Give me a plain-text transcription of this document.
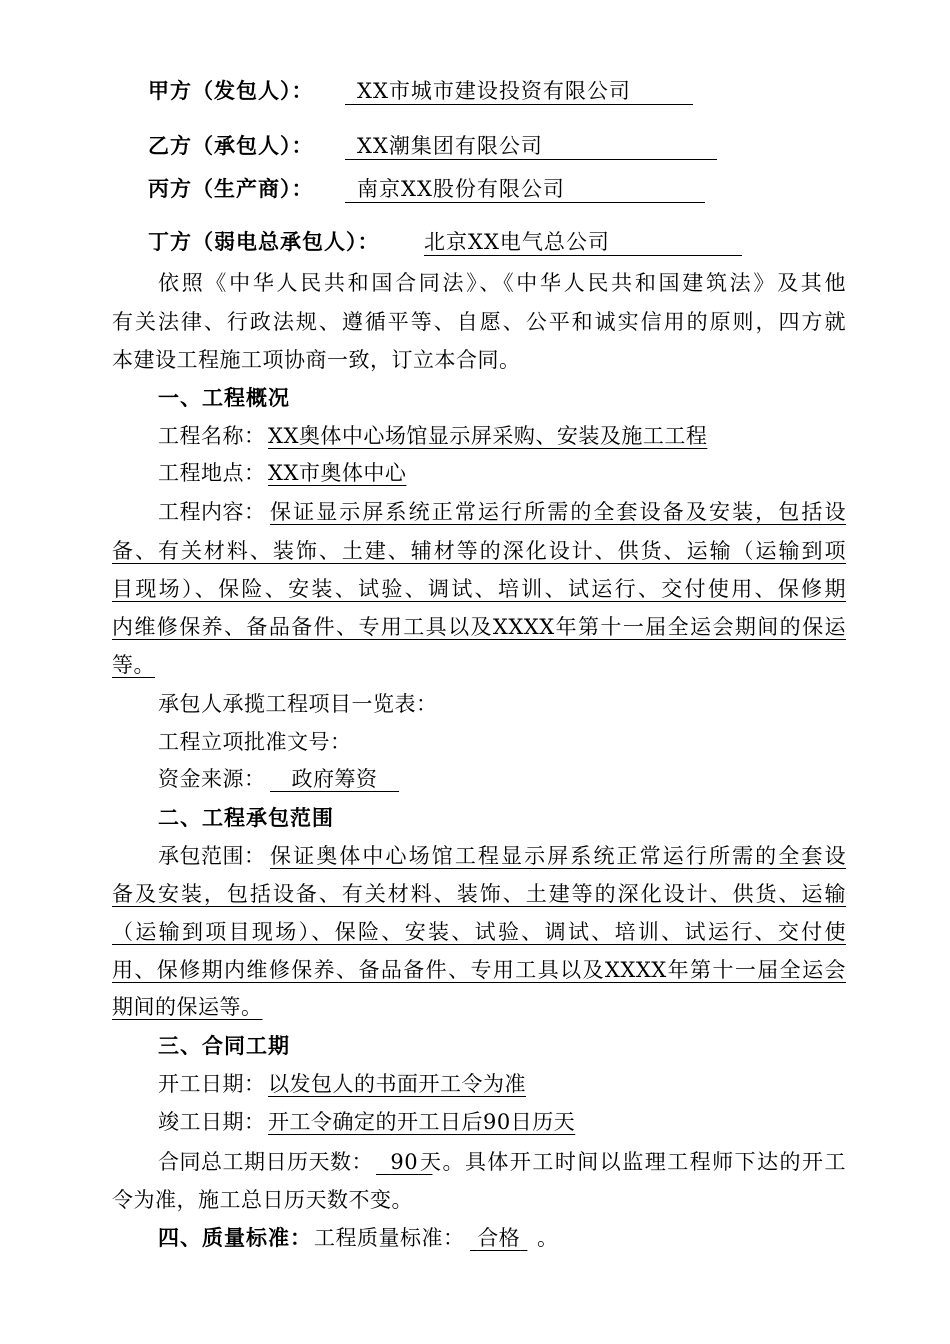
甲方（发包人）： XX市城市建设投资有限公司
乙方（承包人）： XX潮集团有限公司
丙方（生产商）： 南京XX股份有限公司
丁方（弱电总承包人）： 北京XX电气总公司
依照《中华人民共和国合同法》、《中华人民共和国建筑法》及其他
有关法律、行政法规、遵循平等、自愿、公平和诚实信用的原则，四方就
本建设工程施工项协商一致，订立本合同。
一、工程概况
工程名称： XX奥体中心场馆显示屏采购、安装及施工工程
工程地点： XX市奥体中心
工程内容： 保证显示屏系统正常运行所需的全套设备及安装，包括设
备、有关材料、装饰、土建、辅材等的深化设计、供货、运输（运输到项
目现场）、保险、安装、试验、调试、培训、试运行、交付使用、保修期
内维修保养、备品备件、专用工具以及XXXX年第十一届全运会期间的保运
等。
承包人承揽工程项目一览表：
工程立项批准文号：
资金来源：	政府筹资
二、工程承包范围
承包范围： 保证奥体中心场馆工程显示屏系统正常运行所需的全套设
备及安装，包括设备、有关材料、装饰、土建等的深化设计、供货、运输
（运输到项目现场）、保险、安装、试验、调试、培训、试运行、交付使
用、保修期内维修保养、备品备件、专用工具以及XXXX年第十一届全运会
期间的保运等。
三、合同工期
开工日期： 以发包人的书面开工令为准
竣工日期： 开工令确定的开工日后90日历天
合同总工期日历天数： 90 天。具体开工时间以监理工程师下达的开工
令为准，施工总日历天数不变。
四、质量标准： 工程质量标准： 合格 。
